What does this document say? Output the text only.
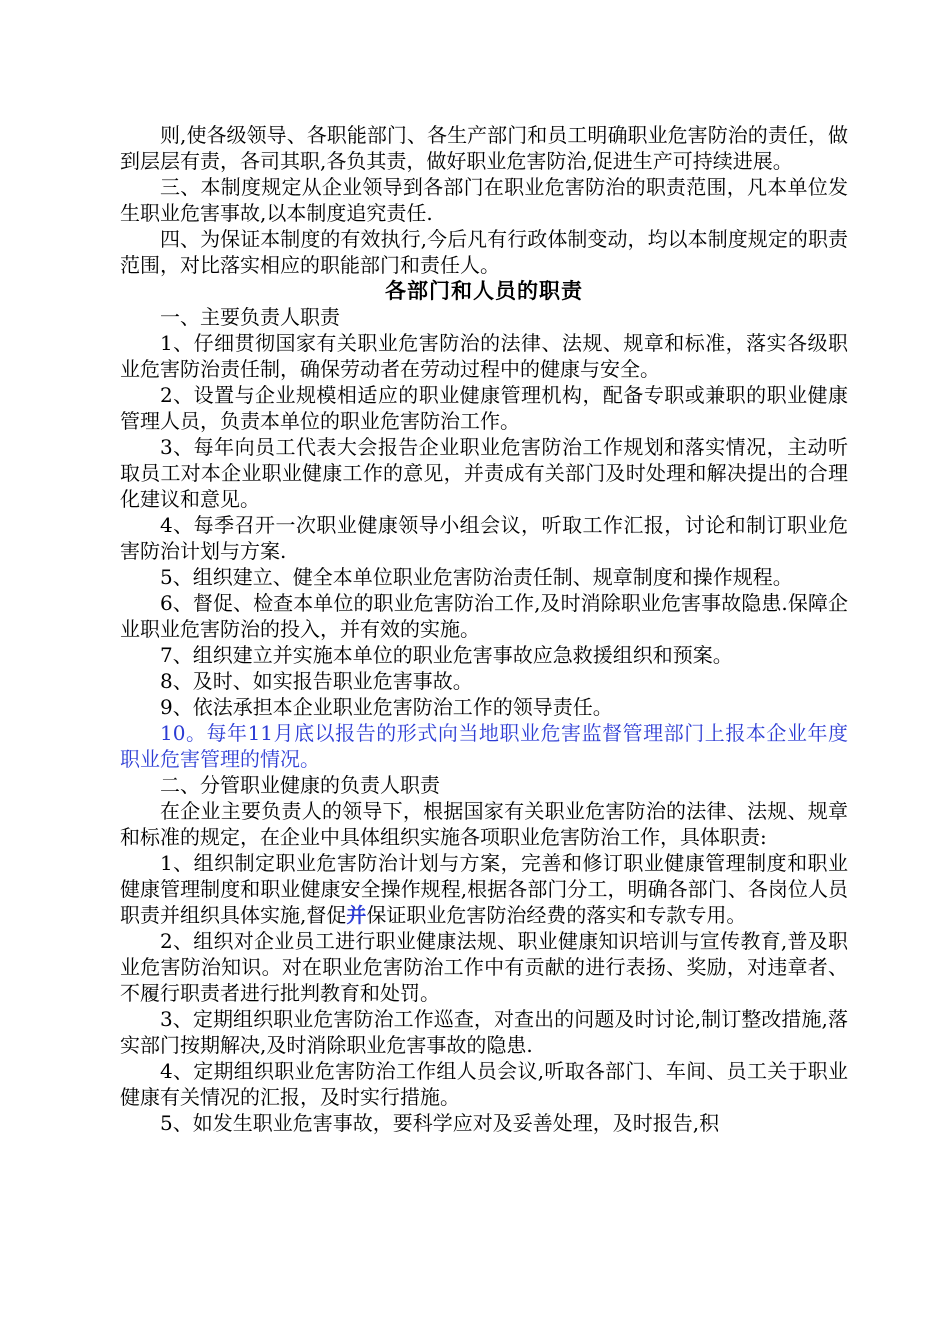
则,使各级领导、各职能部门、各生产部门和员工明确职业危害防治的责任，做到层层有责，各司其职,各负其责，做好职业危害防治,促进生产可持续进展。

三、本制度规定从企业领导到各部门在职业危害防治的职责范围，凡本单位发生职业危害事故,以本制度追究责任.

四、为保证本制度的有效执行,今后凡有行政体制变动，均以本制度规定的职责范围，对比落实相应的职能部门和责任人。

各部门和人员的职责

一、主要负责人职责

1、仔细贯彻国家有关职业危害防治的法律、法规、规章和标准，落实各级职业危害防治责任制，确保劳动者在劳动过程中的健康与安全。

2、设置与企业规模相适应的职业健康管理机构，配备专职或兼职的职业健康管理人员，负责本单位的职业危害防治工作。

3、每年向员工代表大会报告企业职业危害防治工作规划和落实情况，主动听取员工对本企业职业健康工作的意见，并责成有关部门及时处理和解决提出的合理化建议和意见。

4、每季召开一次职业健康领导小组会议，听取工作汇报，讨论和制订职业危害防治计划与方案.

5、组织建立、健全本单位职业危害防治责任制、规章制度和操作规程。

6、督促、检查本单位的职业危害防治工作,及时消除职业危害事故隐患.保障企业职业危害防治的投入，并有效的实施。

7、组织建立并实施本单位的职业危害事故应急救援组织和预案。

8、及时、如实报告职业危害事故。

9、依法承担本企业职业危害防治工作的领导责任。

10。每年11月底以报告的形式向当地职业危害监督管理部门上报本企业年度职业危害管理的情况。

二、分管职业健康的负责人职责

在企业主要负责人的领导下，根据国家有关职业危害防治的法律、法规、规章和标准的规定，在企业中具体组织实施各项职业危害防治工作，具体职责:

1、组织制定职业危害防治计划与方案，完善和修订职业健康管理制度和职业健康管理制度和职业健康安全操作规程,根据各部门分工，明确各部门、各岗位人员职责并组织具体实施,督促并保证职业危害防治经费的落实和专款专用。

2、组织对企业员工进行职业健康法规、职业健康知识培训与宣传教育,普及职业危害防治知识。对在职业危害防治工作中有贡献的进行表扬、奖励，对违章者、不履行职责者进行批判教育和处罚。

3、定期组织职业危害防治工作巡查，对查出的问题及时讨论,制订整改措施,落实部门按期解决,及时消除职业危害事故的隐患.

4、定期组织职业危害防治工作组人员会议,听取各部门、车间、员工关于职业健康有关情况的汇报，及时实行措施。

5、如发生职业危害事故，要科学应对及妥善处理，及时报告,积
